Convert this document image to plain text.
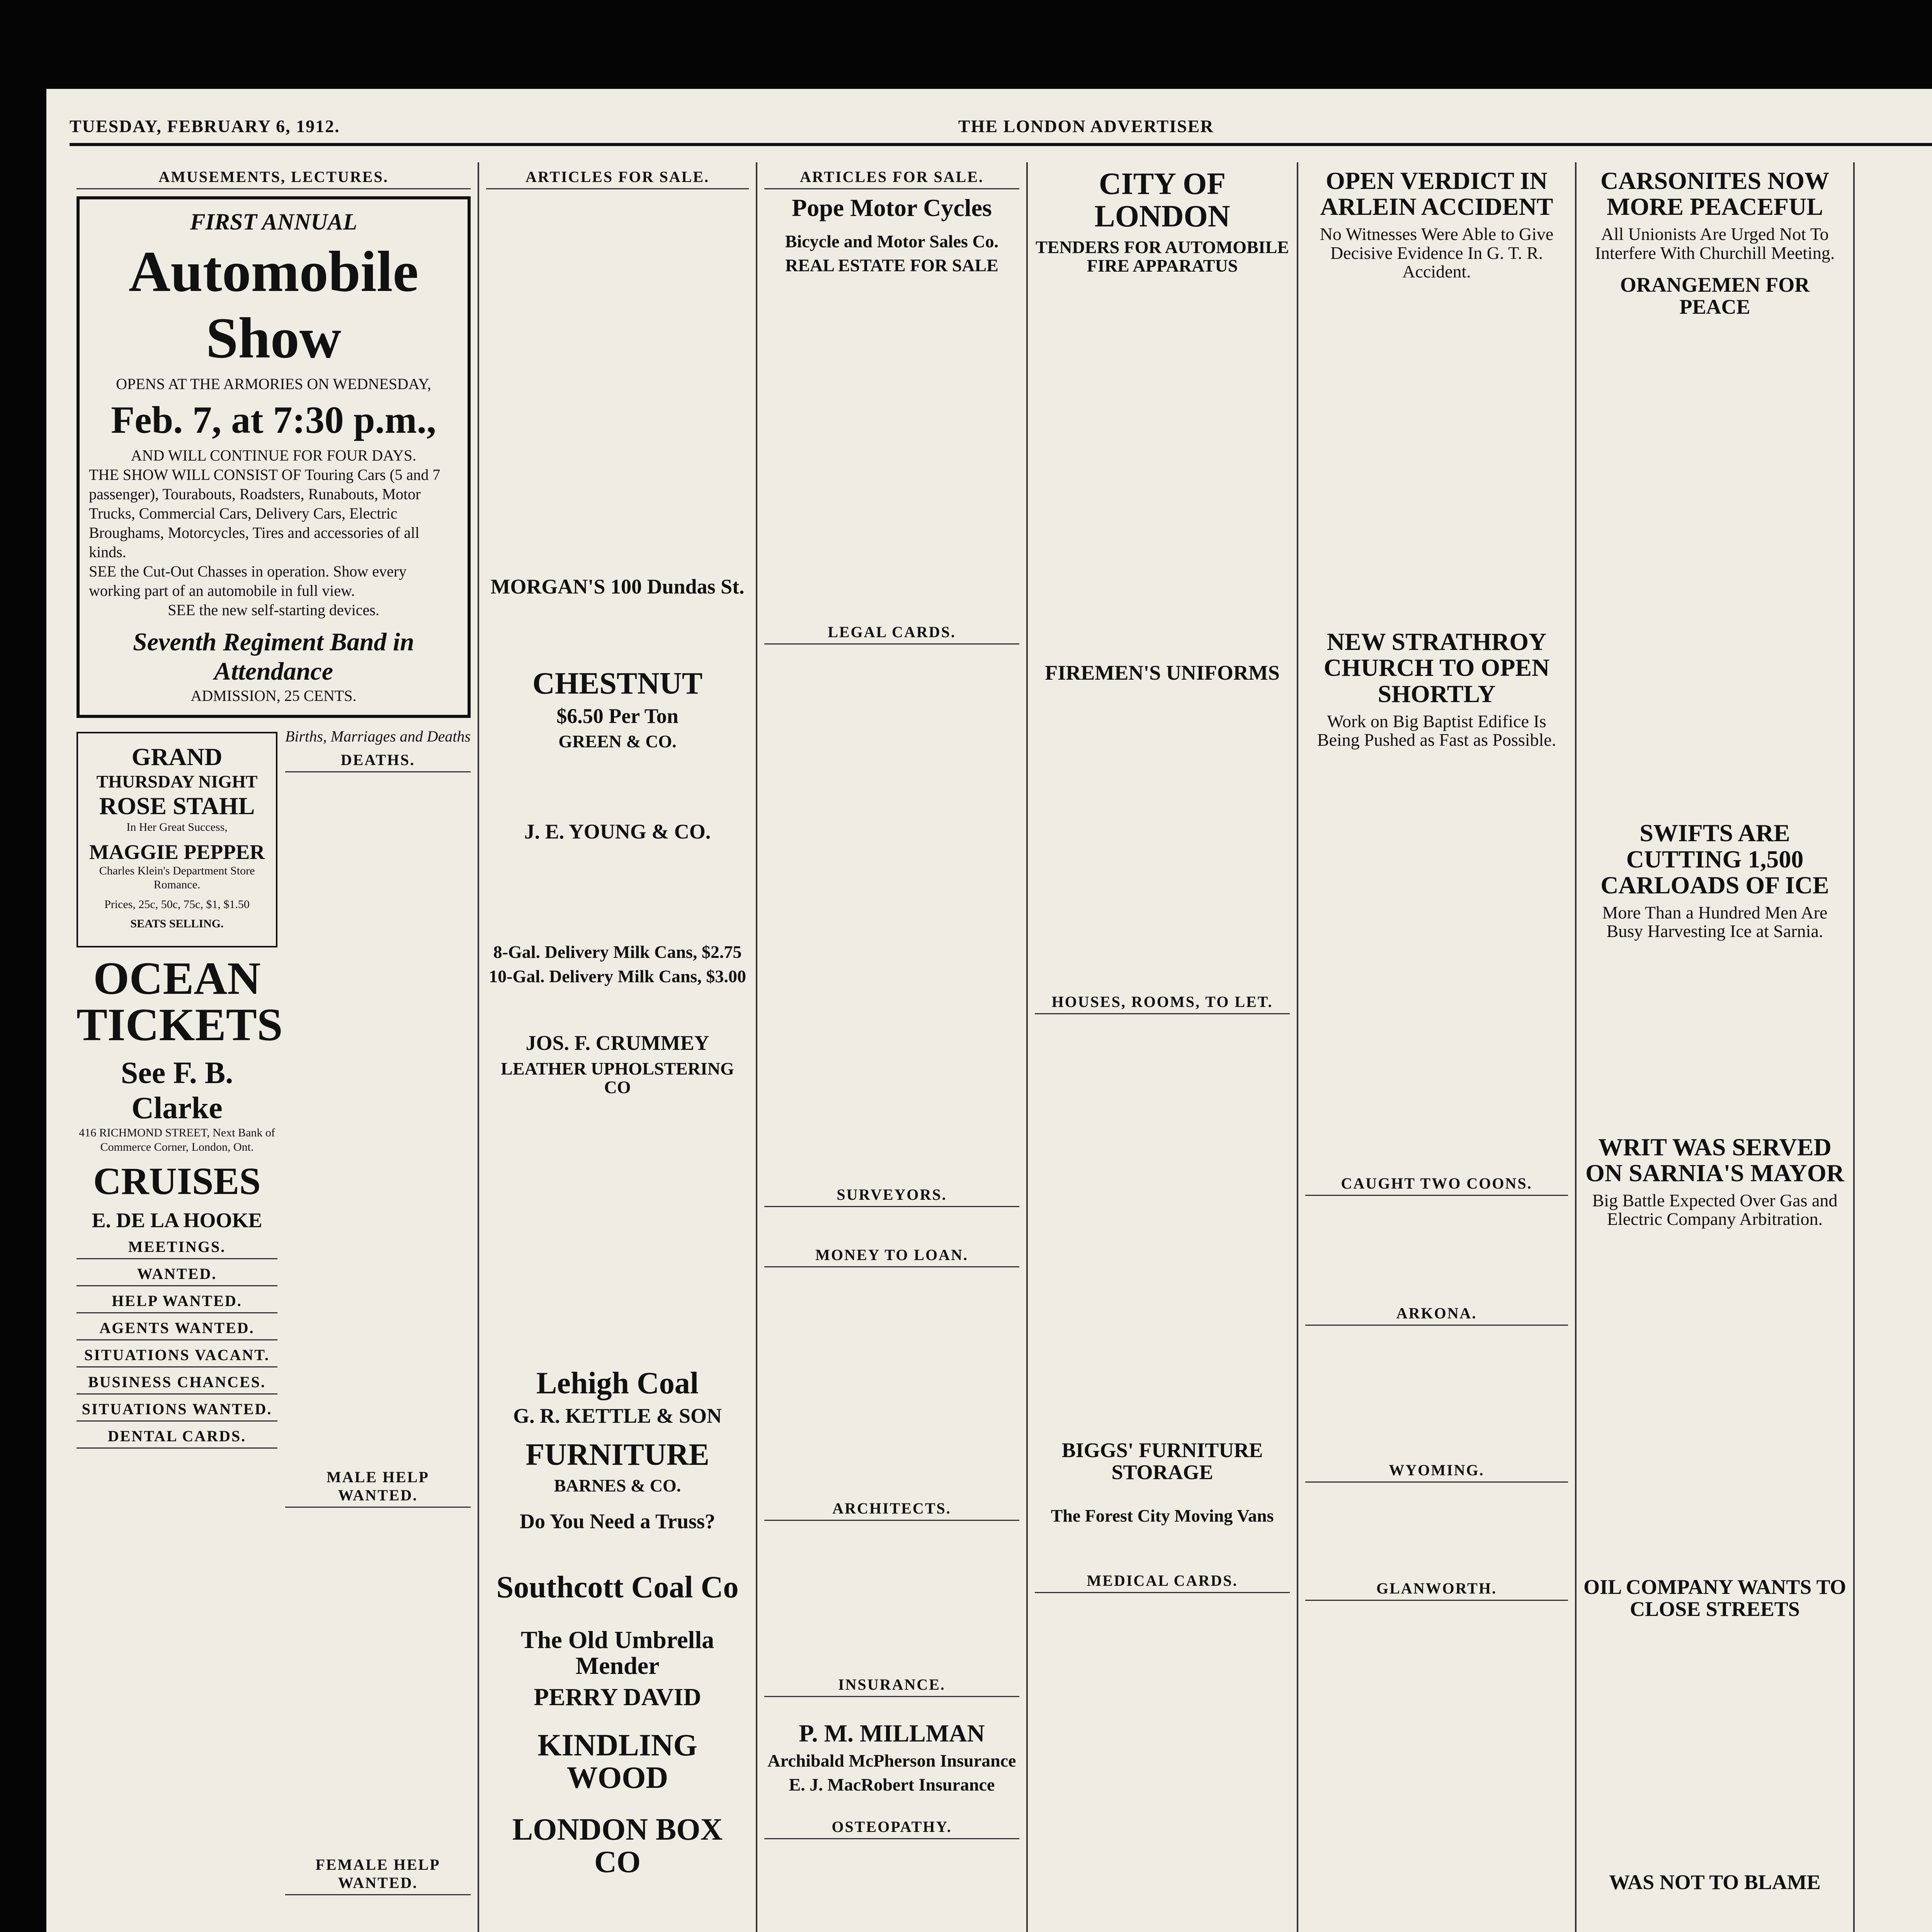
TUESDAY, FEBRUARY 6, 1912.	THE LONDON ADVERTISER
AMUSEMENTS, LECTURES.
FIRST ANNUAL
Automobile Show
OPENS AT THE ARMORIES ON WEDNESDAY,
Feb. 7, at 7:30 p.m.,
AND WILL CONTINUE FOR FOUR DAYS.
THE SHOW WILL CONSIST OF Touring Cars (5 and 7 passenger), Tourabouts, Roadsters, Runabouts, Motor Trucks, Commercial Cars, Delivery Cars, Electric Broughams, Motorcycles, Tires and accessories of all kinds.
SEE the Cut-Out Chasses in operation. Show every working part of an automobile in full view.
SEE the new self-starting devices.
Seventh Regiment Band in Attendance
ADMISSION, 25 CENTS.
GRAND
THURSDAY NIGHT
ROSE STAHL
In Her Great Success,
MAGGIE PEPPER
Charles Klein's Department Store Romance.
Prices, 25c, 50c, 75c, $1, $1.50
SEATS SELLING.
OCEAN TICKETS
See F. B. Clarke
416 RICHMOND STREET, Next Bank of Commerce Corner, London, Ont.
CRUISES
E. DE LA HOOKE
MEETINGS.
WANTED.
HELP WANTED.
AGENTS WANTED.
SITUATIONS VACANT.
BUSINESS CHANCES.
SITUATIONS WANTED.
DENTAL CARDS.
Births, Marriages and Deaths
DEATHS.
MALE HELP WANTED.
FEMALE HELP WANTED.
ARTICLES FOR SALE.
MORGAN'S 100 Dundas St.
CHESTNUT
$6.50 Per Ton
GREEN & CO.
J. E. YOUNG & CO.
8-Gal. Delivery Milk Cans, $2.75
10-Gal. Delivery Milk Cans, $3.00
JOS. F. CRUMMEY
LEATHER UPHOLSTERING CO
Lehigh Coal
G. R. KETTLE & SON
FURNITURE
BARNES & CO.
Do You Need a Truss?
Southcott Coal Co
The Old Umbrella Mender
PERRY DAVID
KINDLING WOOD
LONDON BOX CO
ARTICLES FOR SALE.
Pope Motor Cycles
Bicycle and Motor Sales Co.
REAL ESTATE FOR SALE
LEGAL CARDS.
SURVEYORS.
MONEY TO LOAN.
ARCHITECTS.
INSURANCE.
P. M. MILLMAN
Archibald McPherson Insurance
E. J. MacRobert Insurance
OSTEOPATHY.
CITY OF LONDON
TENDERS FOR AUTOMOBILE FIRE APPARATUS
FIREMEN'S UNIFORMS
HOUSES, ROOMS, TO LET.
BIGGS' FURNITURE STORAGE
The Forest City Moving Vans
MEDICAL CARDS.
OPEN VERDICT IN ARLEIN ACCIDENT
No Witnesses Were Able to Give Decisive Evidence In G. T. R. Accident.
NEW STRATHROY CHURCH TO OPEN SHORTLY
Work on Big Baptist Edifice Is Being Pushed as Fast as Possible.
CAUGHT TWO COONS.
ARKONA.
WYOMING.
GLANWORTH.
CARSONITES NOW MORE PEACEFUL
All Unionists Are Urged Not To Interfere With Churchill Meeting.
ORANGEMEN FOR PEACE
SWIFTS ARE CUTTING 1,500 CARLOADS OF ICE
More Than a Hundred Men Are Busy Harvesting Ice at Sarnia.
WRIT WAS SERVED ON SARNIA'S MAYOR
Big Battle Expected Over Gas and Electric Company Arbitration.
OIL COMPANY WANTS TO CLOSE STREETS
WAS NOT TO BLAME
